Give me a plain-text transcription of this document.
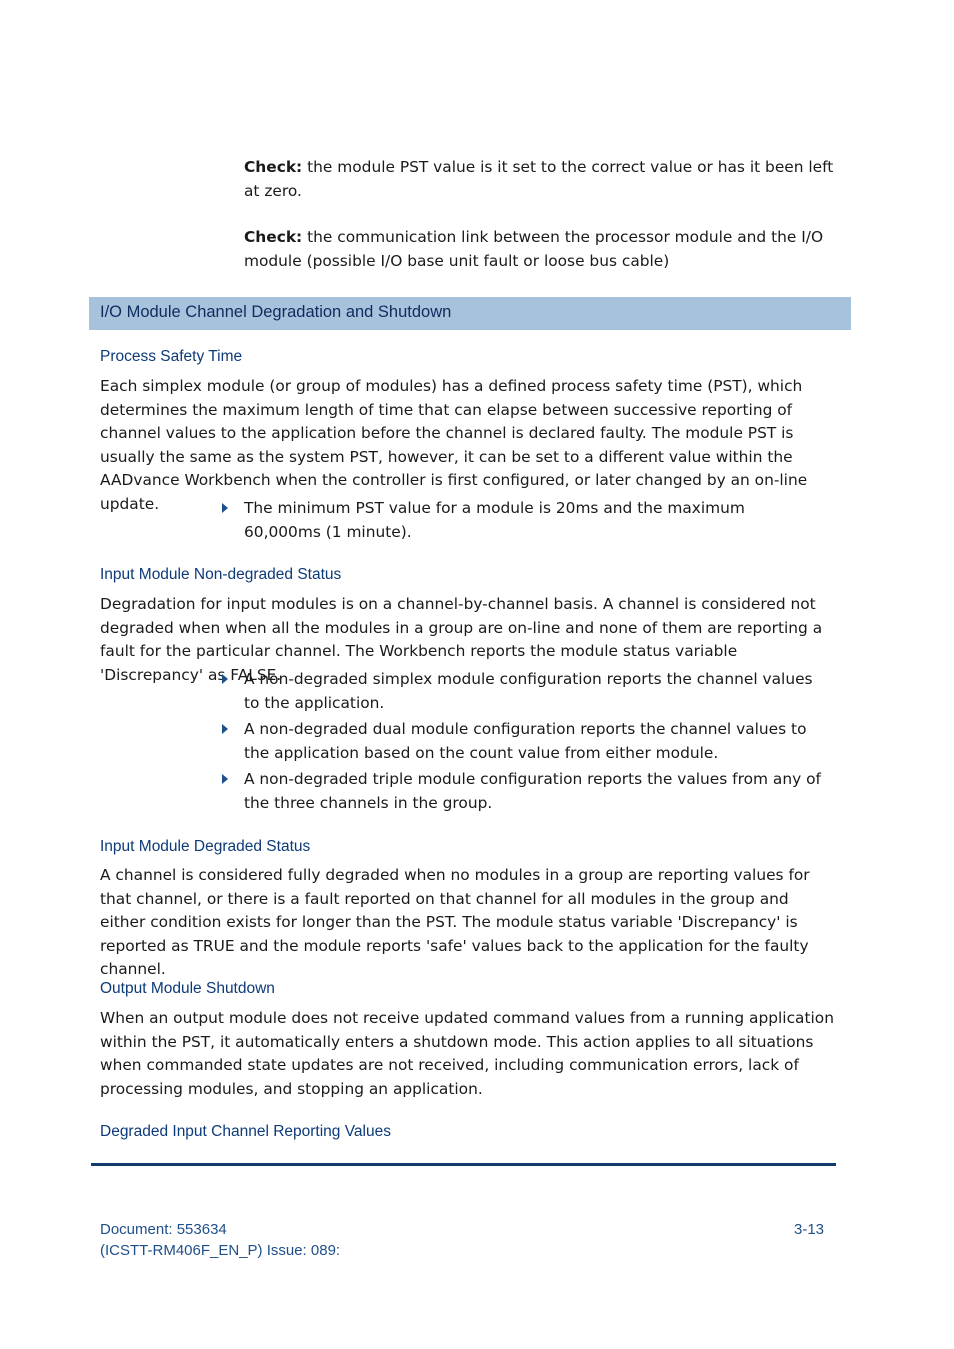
Check: the module PST value is it set to the correct value or has it been left at zero.
Check: the communication link between the processor module and the I/O module (possible I/O base unit fault or loose bus cable)
I/O Module Channel Degradation and Shutdown
Process Safety Time
Each simplex module (or group of modules) has a defined process safety time (PST), which determines the maximum length of time that can elapse between successive reporting of channel values to the application before the channel is declared faulty. The module PST is usually the same as the system PST, however, it can be set to a different value within the AADvance Workbench when the controller is first configured, or later changed by an on-line update.	The minimum PST value for a module is 20ms and the maximum 60,000ms (1 minute).
Input Module Non-degraded Status
Degradation for input modules is on a channel-by-channel basis. A channel is considered not degraded when when all the modules in a group are on-line and none of them are reporting a fault for the particular channel. The Workbench reports the module status variable 'Discrepancy' as FALSE.
A non-degraded simplex module configuration reports the channel values to the application.
A non-degraded dual module configuration reports the channel values to the application based on the count value from either module.
A non-degraded triple module configuration reports the values from any of the three channels in the group.
Input Module Degraded Status
A channel is considered fully degraded when no modules in a group are reporting values for that channel, or there is a fault reported on that channel for all modules in the group and either condition exists for longer than the PST. The module status variable 'Discrepancy' is reported as TRUE and the module reports 'safe' values back to the application for the faulty channel.
Output Module Shutdown
When an output module does not receive updated command values from a running application within the PST, it automatically enters a shutdown mode. This action applies to all situations when commanded state updates are not received, including communication errors, lack of processing modules, and stopping an application.
Degraded Input Channel Reporting Values
Document: 553634
(ICSTT-RM406F_EN_P) Issue: 089:
3-13
